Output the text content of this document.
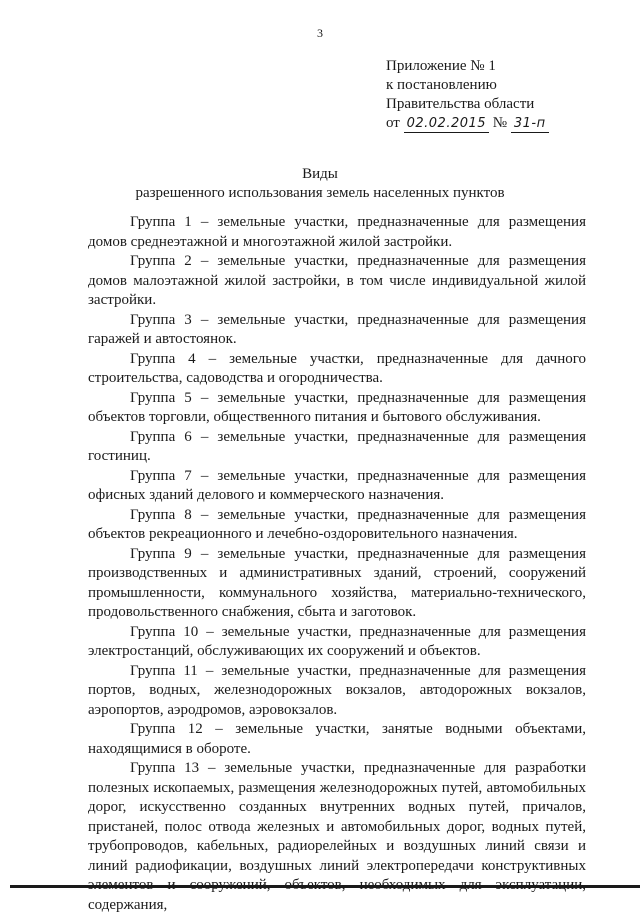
3
Приложение № 1
к постановлению
Правительства области
от 02.02.2015 № 31-п
Виды
разрешенного использования земель населенных пунктов

Группа 1 – земельные участки, предназначенные для размещения домов среднеэтажной и многоэтажной жилой застройки.

Группа 2 – земельные участки, предназначенные для размещения домов малоэтажной жилой застройки, в том числе индивидуальной жилой застройки.

Группа 3 – земельные участки, предназначенные для размещения гаражей и автостоянок.

Группа 4 – земельные участки, предназначенные для дачного строительства, садоводства и огородничества.

Группа 5 – земельные участки, предназначенные для размещения объектов торговли, общественного питания и бытового обслуживания.

Группа 6 – земельные участки, предназначенные для размещения гостиниц.

Группа 7 – земельные участки, предназначенные для размещения офисных зданий делового и коммерческого назначения.

Группа 8 – земельные участки, предназначенные для размещения объектов рекреационного и лечебно-оздоровительного назначения.

Группа 9 – земельные участки, предназначенные для размещения производственных и административных зданий, строений, сооружений промышленности, коммунального хозяйства, материально-технического, продовольственного снабжения, сбыта и заготовок.

Группа 10 – земельные участки, предназначенные для размещения электростанций, обслуживающих их сооружений и объектов.

Группа 11 – земельные участки, предназначенные для размещения портов, водных, железнодорожных вокзалов, автодорожных вокзалов, аэропортов, аэродромов, аэровокзалов.

Группа 12 – земельные участки, занятые водными объектами, находящимися в обороте.

Группа 13 – земельные участки, предназначенные для разработки полезных ископаемых, размещения железнодорожных путей, автомобильных дорог, искусственно созданных внутренних водных путей, причалов, пристаней, полос отвода железных и автомобильных дорог, водных путей, трубопроводов, кабельных, радиорелейных и воздушных линий связи и линий радиофикации, воздушных линий электропередачи конструктивных содержания,
